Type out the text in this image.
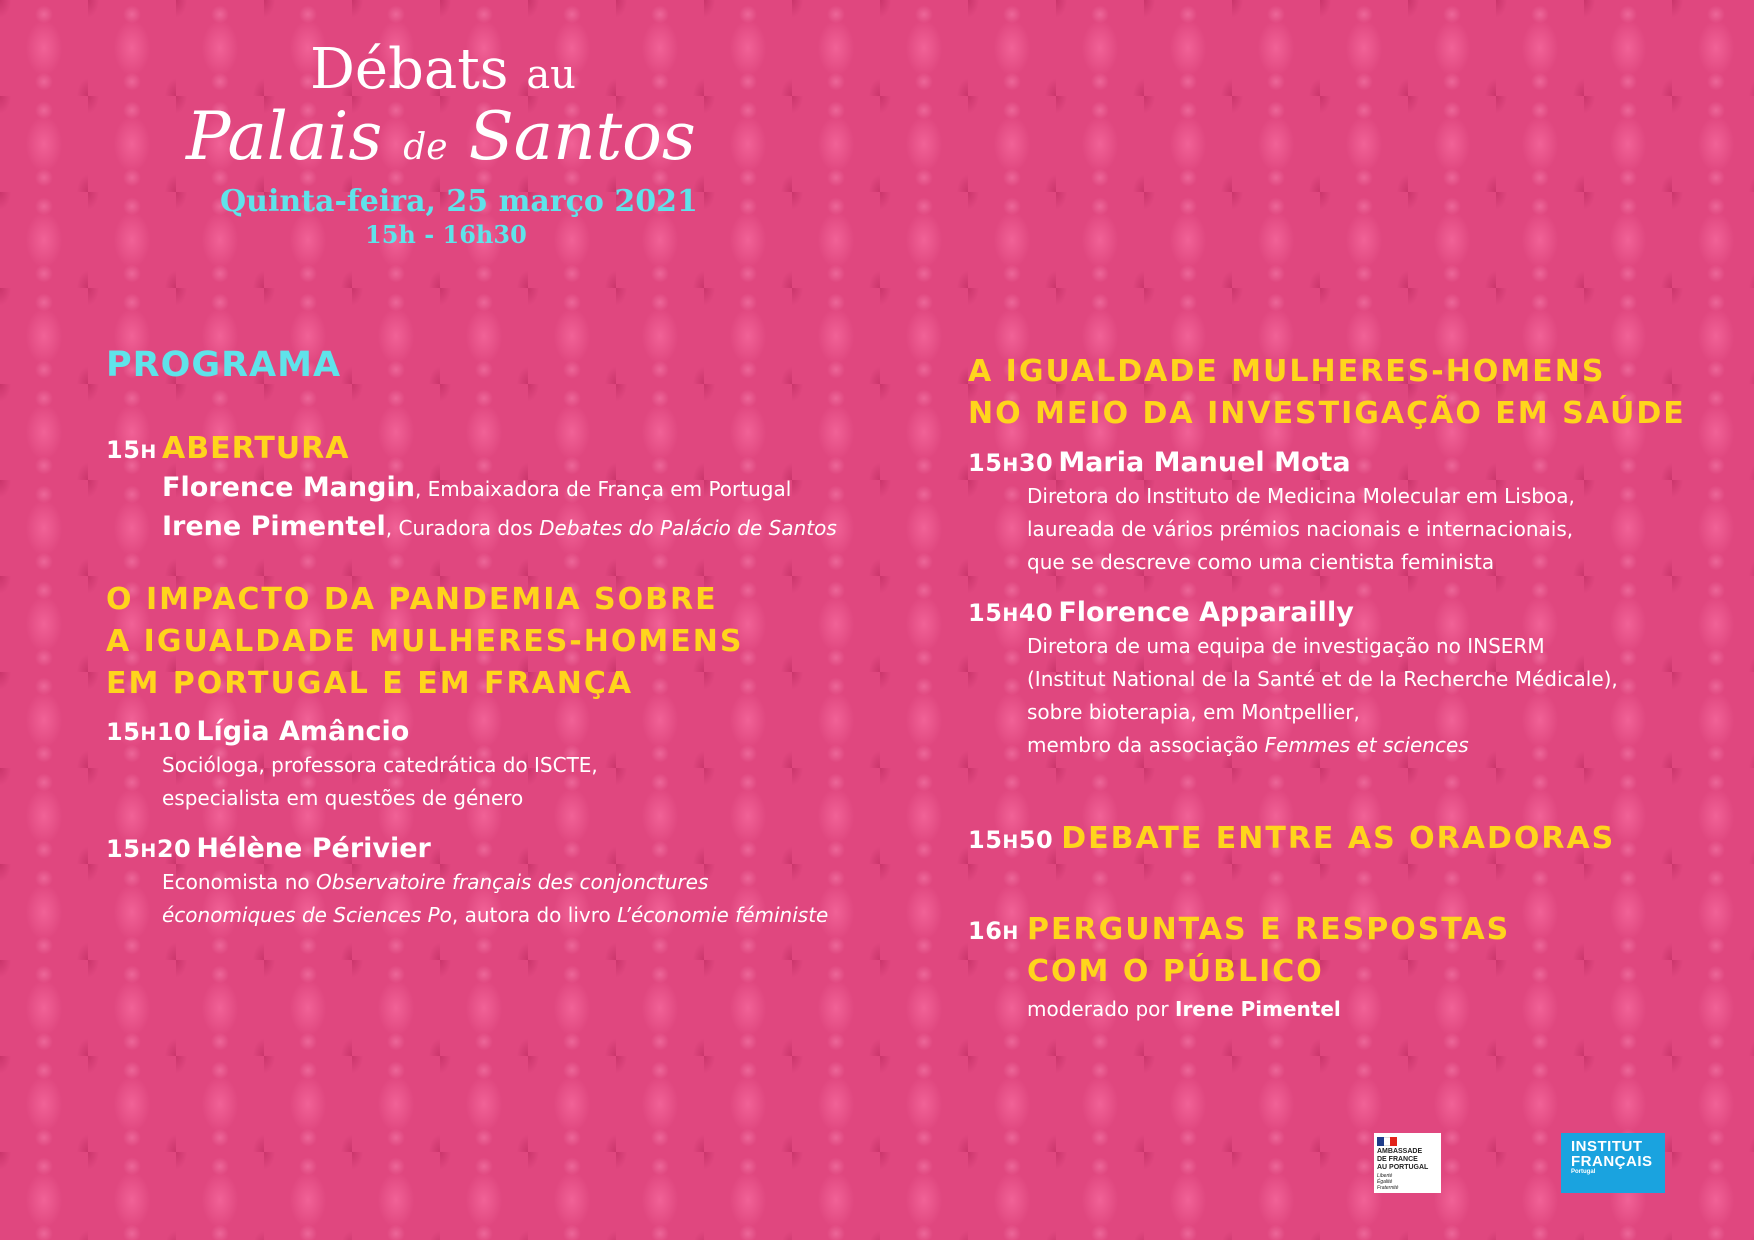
Débats au
Palais de Santos
Quinta-feira, 25 março 2021
15h - 16h30
PROGRAMA
15H ABERTURA
Florence Mangin, Embaixadora de França em Portugal
Irene Pimentel, Curadora dos Debates do Palácio de Santos
O IMPACTO DA PANDEMIA SOBRE
A IGUALDADE MULHERES-HOMENS
EM PORTUGAL E EM FRANÇA
15H10 Lígia Amâncio
Socióloga, professora catedrática do ISCTE,
especialista em questões de género
15H20 Hélène Périvier
Economista no Observatoire français des conjonctures
économiques de Sciences Po, autora do livro L’économie féministe
A IGUALDADE MULHERES-HOMENS
NO MEIO DA INVESTIGAÇÃO EM SAÚDE
15H30 Maria Manuel Mota
Diretora do Instituto de Medicina Molecular em Lisboa,
laureada de vários prémios nacionais e internacionais,
que se descreve como uma cientista feminista
15H40 Florence Apparailly
Diretora de uma equipa de investigação no INSERM
(Institut National de la Santé et de la Recherche Médicale),
sobre bioterapia, em Montpellier,
membro da associação Femmes et sciences
15H50 DEBATE ENTRE AS ORADORAS
16H PERGUNTAS E RESPOSTAS
COM O PÚBLICO
moderado por Irene Pimentel
AMBASSADE
DE FRANCE
AU PORTUGAL
Liberté
Égalité
Fraternité
INSTITUT
FRANÇAIS
Portugal
